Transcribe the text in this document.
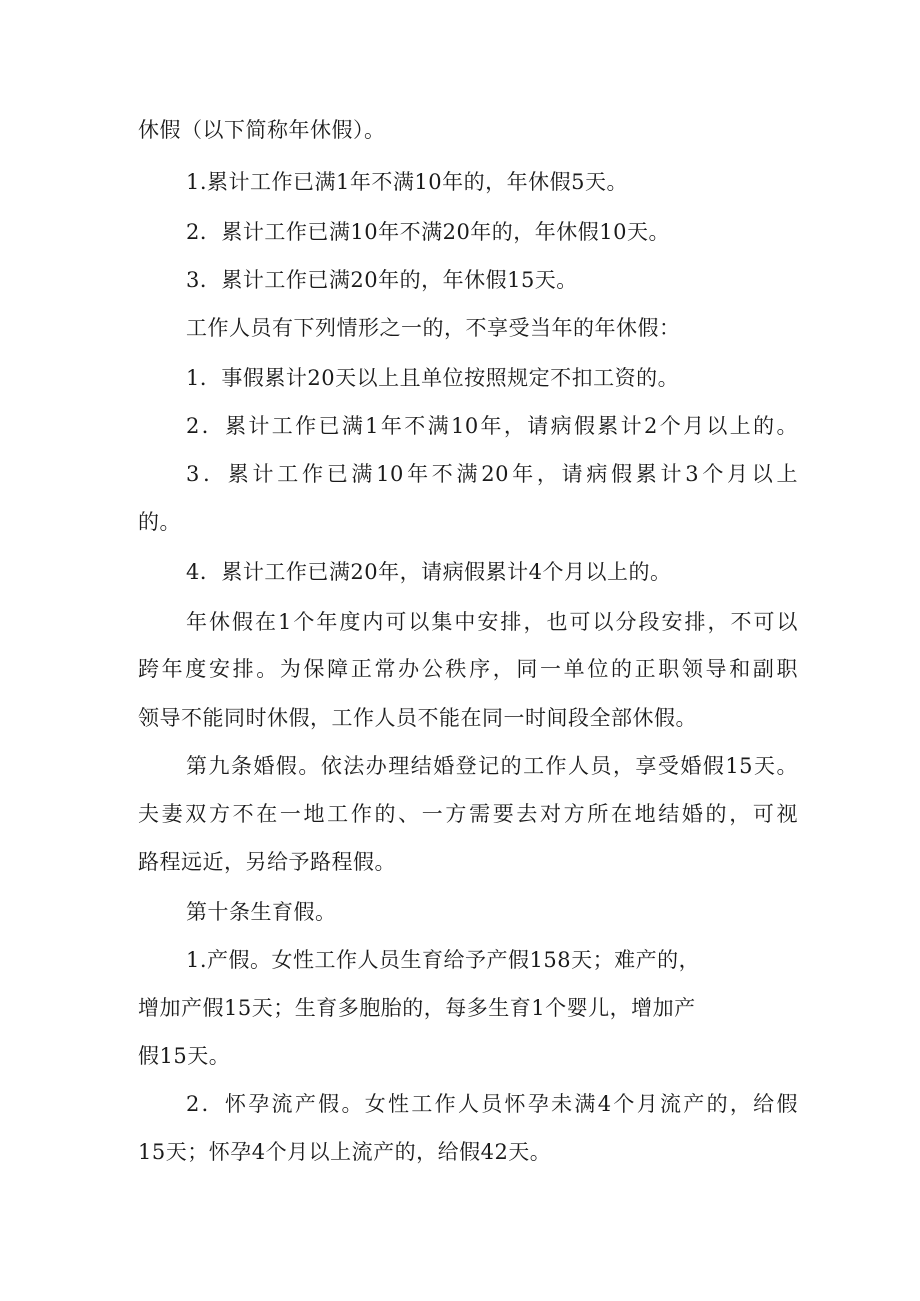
休假（以下简称年休假）。
1.累计工作已满1年不满10年的，年休假5天。
2．累计工作已满10年不满20年的，年休假10天。
3．累计工作已满20年的，年休假15天。
工作人员有下列情形之一的，不享受当年的年休假：
1．事假累计20天以上且单位按照规定不扣工资的。
2．累计工作已满1年不满10年，请病假累计2个月以上的。
3．累计工作已满10年不满20年，请病假累计3个月以上
的。
4．累计工作已满20年，请病假累计4个月以上的。
年休假在1个年度内可以集中安排，也可以分段安排，不可以
跨年度安排。为保障正常办公秩序，同一单位的正职领导和副职
领导不能同时休假，工作人员不能在同一时间段全部休假。
第九条婚假。依法办理结婚登记的工作人员，享受婚假15天。
夫妻双方不在一地工作的、一方需要去对方所在地结婚的，可视
路程远近，另给予路程假。
第十条生育假。
1.产假。女性工作人员生育给予产假158天；难产的，
增加产假15天；生育多胞胎的，每多生育1个婴儿，增加产
假15天。
2．怀孕流产假。女性工作人员怀孕未满4个月流产的，给假
15天；怀孕4个月以上流产的，给假42天。
